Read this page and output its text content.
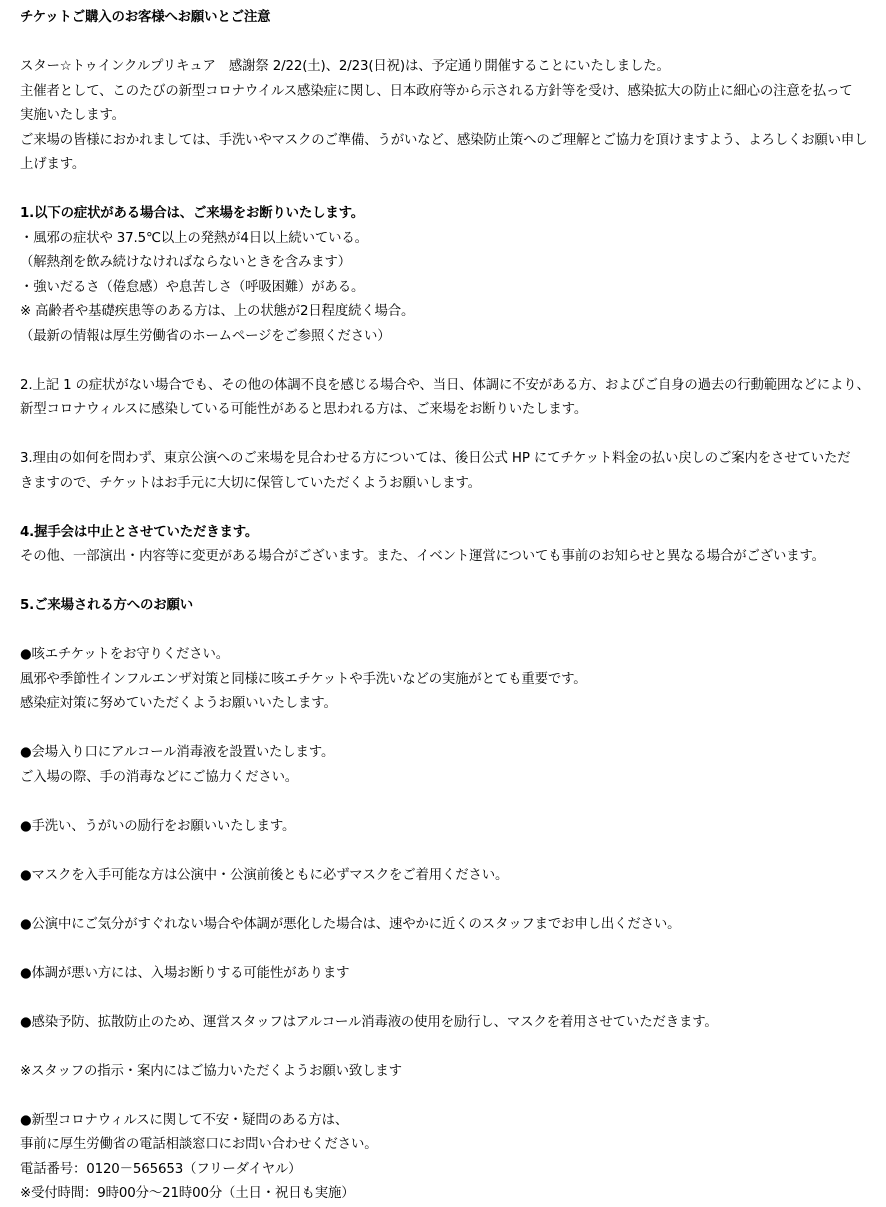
チケットご購入のお客様へお願いとご注意
スター☆トゥインクルプリキュア　感謝祭 2/22(土)、2/23(日祝)は、予定通り開催することにいたしました。
主催者として、このたびの新型コロナウイルス感染症に関し、日本政府等から示される方針等を受け、感染拡大の防止に細心の注意を払って
実施いたします。
ご来場の皆様におかれましては、手洗いやマスクのご準備、うがいなど、感染防止策へのご理解とご協力を頂けますよう、よろしくお願い申し
上げます。
1.以下の症状がある場合は、ご来場をお断りいたします。
・風邪の症状や 37.5℃以上の発熱が4日以上続いている。
（解熱剤を飲み続けなければならないときを含みます）
・強いだるさ（倦怠感）や息苦しさ（呼吸困難）がある。
※ 高齢者や基礎疾患等のある方は、上の状態が2日程度続く場合。
（最新の情報は厚生労働省のホームページをご参照ください）
2.上記 1 の症状がない場合でも、その他の体調不良を感じる場合や、当日、体調に不安がある方、およびご自身の過去の行動範囲などにより、
新型コロナウィルスに感染している可能性があると思われる方は、ご来場をお断りいたします。
3.理由の如何を問わず、東京公演へのご来場を見合わせる方については、後日公式 HP にてチケット料金の払い戻しのご案内をさせていただ
きますので、チケットはお手元に大切に保管していただくようお願いします。
4.握手会は中止とさせていただきます。
その他、一部演出・内容等に変更がある場合がございます。また、イベント運営についても事前のお知らせと異なる場合がございます。
5.ご来場される方へのお願い
●咳エチケットをお守りください。
風邪や季節性インフルエンザ対策と同様に咳エチケットや手洗いなどの実施がとても重要です。
感染症対策に努めていただくようお願いいたします。
●会場入り口にアルコール消毒液を設置いたします。
ご入場の際、手の消毒などにご協力ください。
●手洗い、うがいの励行をお願いいたします。
●マスクを入手可能な方は公演中・公演前後ともに必ずマスクをご着用ください。
●公演中にご気分がすぐれない場合や体調が悪化した場合は、速やかに近くのスタッフまでお申し出ください。
●体調が悪い方には、入場お断りする可能性があります
●感染予防、拡散防止のため、運営スタッフはアルコール消毒液の使用を励行し、マスクを着用させていただきます。
※スタッフの指示・案内にはご協力いただくようお願い致します
●新型コロナウィルスに関して不安・疑問のある方は、
事前に厚生労働省の電話相談窓口にお問い合わせください。
電話番号：0120－565653（フリーダイヤル）
※受付時間：9時00分～21時00分（土日・祝日も実施）
